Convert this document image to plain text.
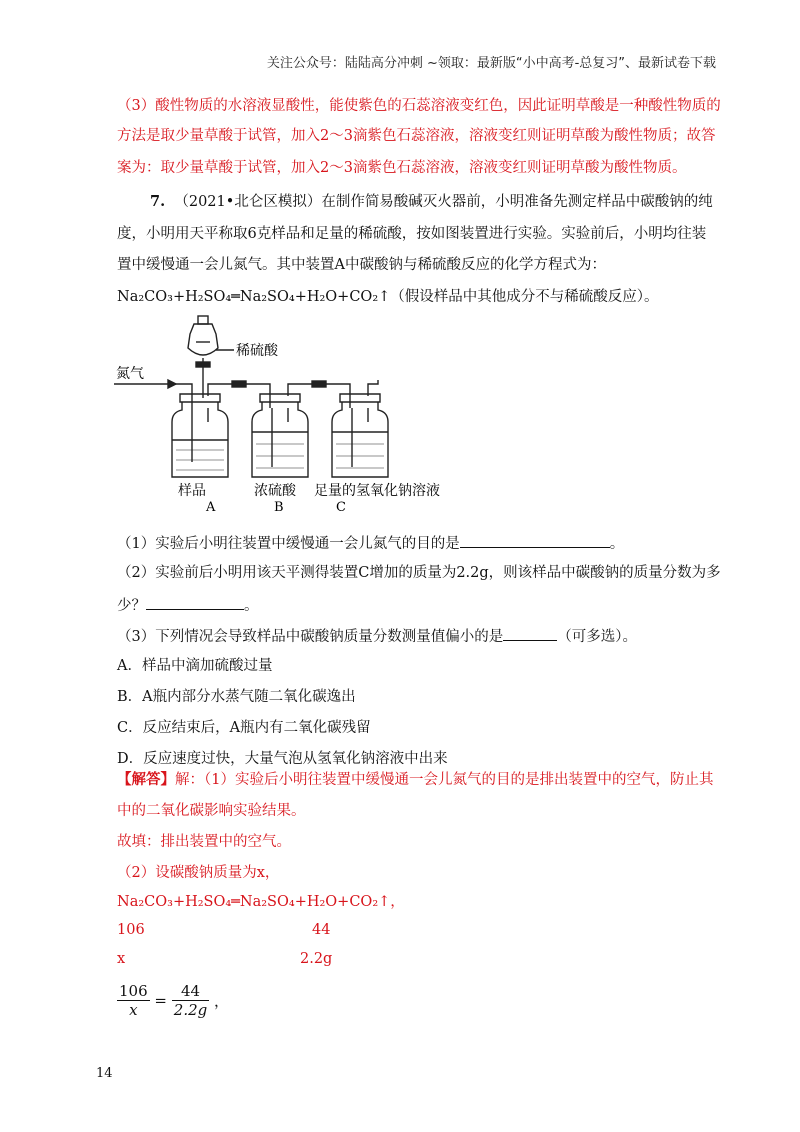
关注公众号：陆陆高分冲刺 ~领取：最新版“小中高考-总复习”、最新试卷下载
（3）酸性物质的水溶液显酸性，能使紫色的石蕊溶液变红色，因此证明草酸是一种酸性物质的
方法是取少量草酸于试管，加入2～3滴紫色石蕊溶液，溶液变红则证明草酸为酸性物质；故答
案为：取少量草酸于试管，加入2～3滴紫色石蕊溶液，溶液变红则证明草酸为酸性物质。
7. （2021•北仑区模拟）在制作简易酸碱灭火器前，小明准备先测定样品中碳酸钠的纯
度，小明用天平称取6克样品和足量的稀硫酸，按如图装置进行实验。实验前后，小明均往装
置中缓慢通一会儿氮气。其中装置A中碳酸钠与稀硫酸反应的化学方程式为：
Na₂CO₃+H₂SO₄═Na₂SO₄+H₂O+CO₂↑（假设样品中其他成分不与稀硫酸反应）。
氮气
稀硫酸
样品	浓硫酸 足量的氢氧化钠溶液
A	B	C
（1）实验后小明往装置中缓慢通一会儿氮气的目的是	。
（2）实验前后小明用该天平测得装置C增加的质量为2.2g，则该样品中碳酸钠的质量分数为多
少？	。
（3）下列情况会导致样品中碳酸钠质量分数测量值偏小的是	（可多选）。
A．样品中滴加硫酸过量
B．A瓶内部分水蒸气随二氧化碳逸出
C．反应结束后，A瓶内有二氧化碳残留
D．反应速度过快，大量气泡从氢氧化钠溶液中出来
【解答】解：（1）实验后小明往装置中缓慢通一会儿氮气的目的是排出装置中的空气，防止其
中的二氧化碳影响实验结果。
故填：排出装置中的空气。
（2）设碳酸钠质量为x，
Na₂CO₃+H₂SO₄═Na₂SO₄+H₂O+CO₂↑，
106	44
x	2.2g
$\frac{106}{x} = \frac{44}{2.2g}$ ，
14
